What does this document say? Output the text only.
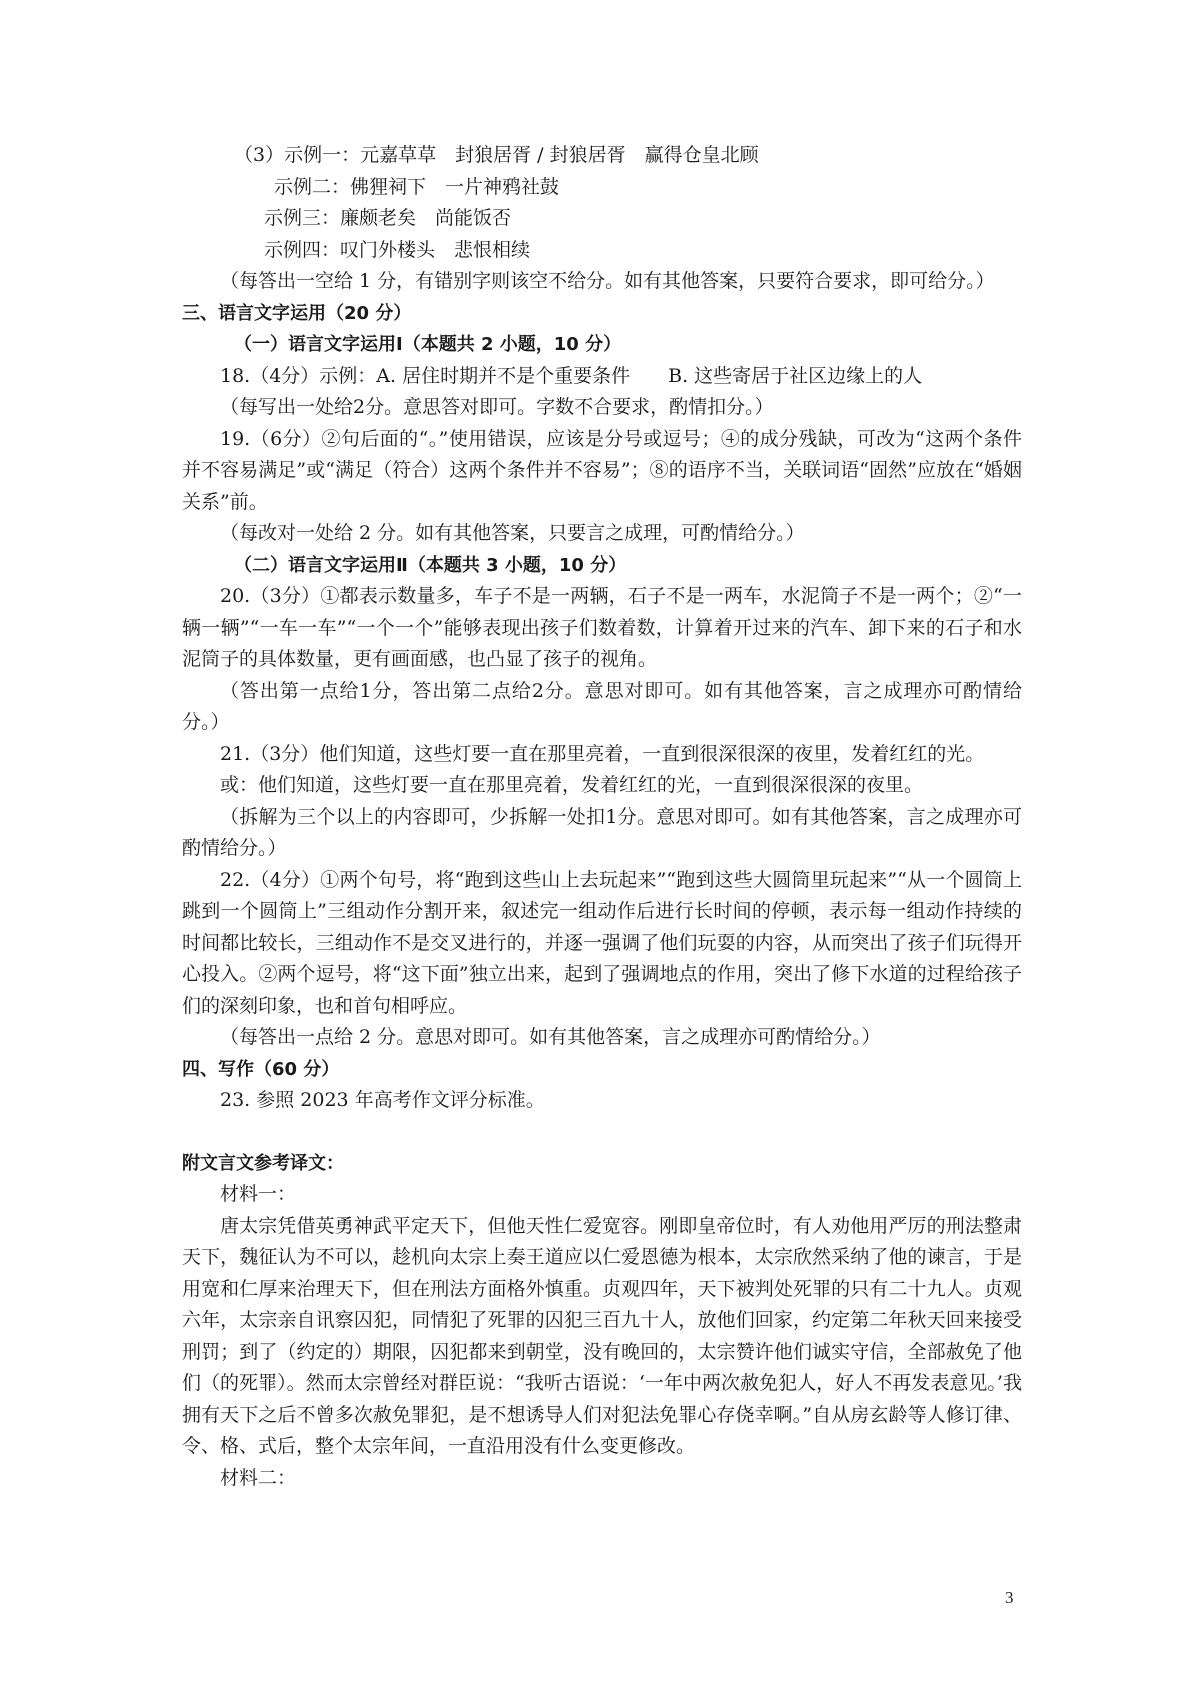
（3）示例一：元嘉草草　封狼居胥 / 封狼居胥　赢得仓皇北顾

示例二：佛狸祠下　一片神鸦社鼓

示例三：廉颇老矣　尚能饭否

示例四：叹门外楼头　悲恨相续

（每答出一空给 1 分，有错别字则该空不给分。如有其他答案，只要符合要求，即可给分。）

三、语言文字运用（20 分）

（一）语言文字运用Ⅰ（本题共 2 小题，10 分）

18.（4分）示例：A. 居住时期并不是个重要条件　　B. 这些寄居于社区边缘上的人

（每写出一处给2分。意思答对即可。字数不合要求，酌情扣分。）

19.（6分）②句后面的“。”使用错误，应该是分号或逗号；④的成分残缺，可改为“这两个条件并不容易满足”或“满足（符合）这两个条件并不容易”；⑧的语序不当，关联词语“固然”应放在“婚姻关系”前。

（每改对一处给 2 分。如有其他答案，只要言之成理，可酌情给分。）

（二）语言文字运用Ⅱ（本题共 3 小题，10 分）

20.（3分）①都表示数量多，车子不是一两辆，石子不是一两车，水泥筒子不是一两个；②“一辆一辆”“一车一车”“一个一个”能够表现出孩子们数着数，计算着开过来的汽车、卸下来的石子和水泥筒子的具体数量，更有画面感，也凸显了孩子的视角。

（答出第一点给1分，答出第二点给2分。意思对即可。如有其他答案，言之成理亦可酌情给分。）

21.（3分）他们知道，这些灯要一直在那里亮着，一直到很深很深的夜里，发着红红的光。

或：他们知道，这些灯要一直在那里亮着，发着红红的光，一直到很深很深的夜里。

（拆解为三个以上的内容即可，少拆解一处扣1分。意思对即可。如有其他答案，言之成理亦可酌情给分。）

22.（4分）①两个句号，将“跑到这些山上去玩起来”“跑到这些大圆筒里玩起来”“从一个圆筒上跳到一个圆筒上”三组动作分割开来，叙述完一组动作后进行长时间的停顿，表示每一组动作持续的时间都比较长，三组动作不是交叉进行的，并逐一强调了他们玩耍的内容，从而突出了孩子们玩得开心投入。②两个逗号，将“这下面”独立出来，起到了强调地点的作用，突出了修下水道的过程给孩子们的深刻印象，也和首句相呼应。

（每答出一点给 2 分。意思对即可。如有其他答案，言之成理亦可酌情给分。）

四、写作（60 分）

23. 参照 2023 年高考作文评分标准。

附文言文参考译文：

材料一：

唐太宗凭借英勇神武平定天下，但他天性仁爱宽容。刚即皇帝位时，有人劝他用严厉的刑法整肃天下，魏征认为不可以，趁机向太宗上奏王道应以仁爱恩德为根本，太宗欣然采纳了他的谏言，于是用宽和仁厚来治理天下，但在刑法方面格外慎重。贞观四年，天下被判处死罪的只有二十九人。贞观六年，太宗亲自讯察囚犯，同情犯了死罪的囚犯三百九十人，放他们回家，约定第二年秋天回来接受刑罚；到了（约定的）期限，囚犯都来到朝堂，没有晚回的，太宗赞许他们诚实守信，全部赦免了他们（的死罪）。然而太宗曾经对群臣说：“我听古语说：‘一年中两次赦免犯人，好人不再发表意见。’我拥有天下之后不曾多次赦免罪犯，是不想诱导人们对犯法免罪心存侥幸啊。”自从房玄龄等人修订律、令、格、式后，整个太宗年间，一直沿用没有什么变更修改。

材料二：

3
